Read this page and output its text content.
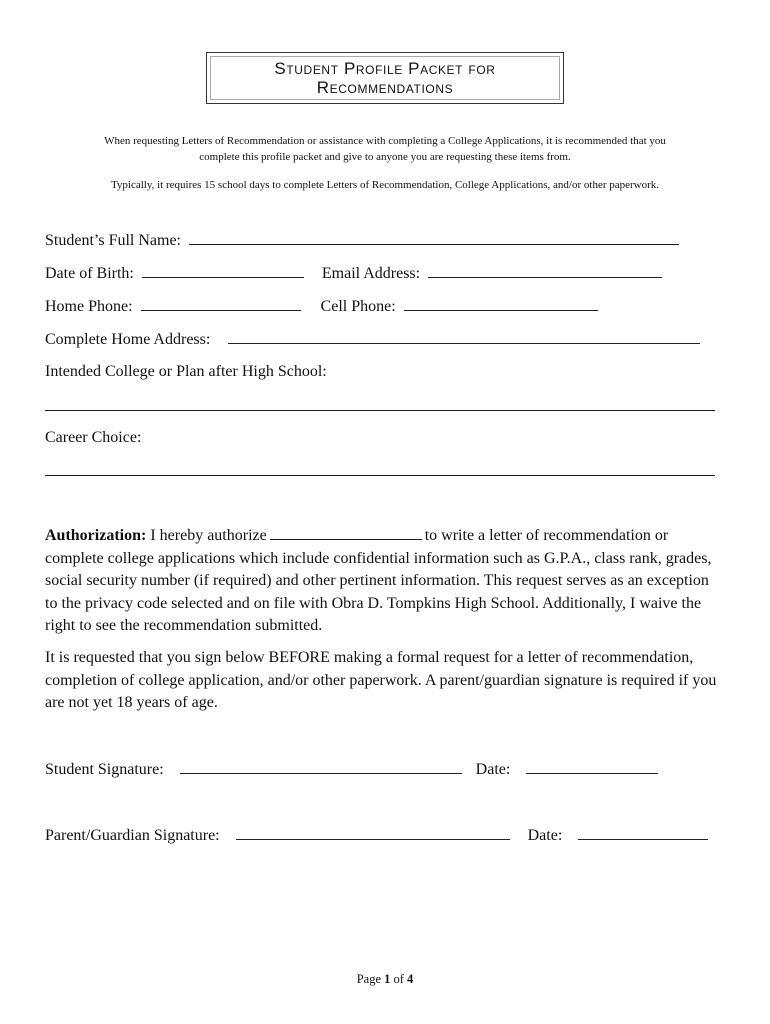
Student Profile Packet for
Recommendations
When requesting Letters of Recommendation or assistance with completing a College Applications, it is recommended that you
complete this profile packet and give to anyone you are requesting these items from.
Typically, it requires 15 school days to complete Letters of Recommendation, College Applications, and/or other paperwork.
Student’s Full Name:
Date of Birth:	Email Address:
Home Phone:	Cell Phone:
Complete Home Address:
Intended College or Plan after High School:
Career Choice:
Authorization: I hereby authorize	to write a letter of recommendation or complete college applications which include confidential information such as G.P.A., class rank, grades, social security number (if required) and other pertinent information. This request serves as an exception to the privacy code selected and on file with Obra D. Tompkins High School. Additionally, I waive the right to see the recommendation submitted.
It is requested that you sign below BEFORE making a formal request for a letter of recommendation, completion of college application, and/or other paperwork. A parent/guardian signature is required if you are not yet 18 years of age.
Student Signature:	Date:
Parent/Guardian Signature:	Date:
Page 1 of 4
